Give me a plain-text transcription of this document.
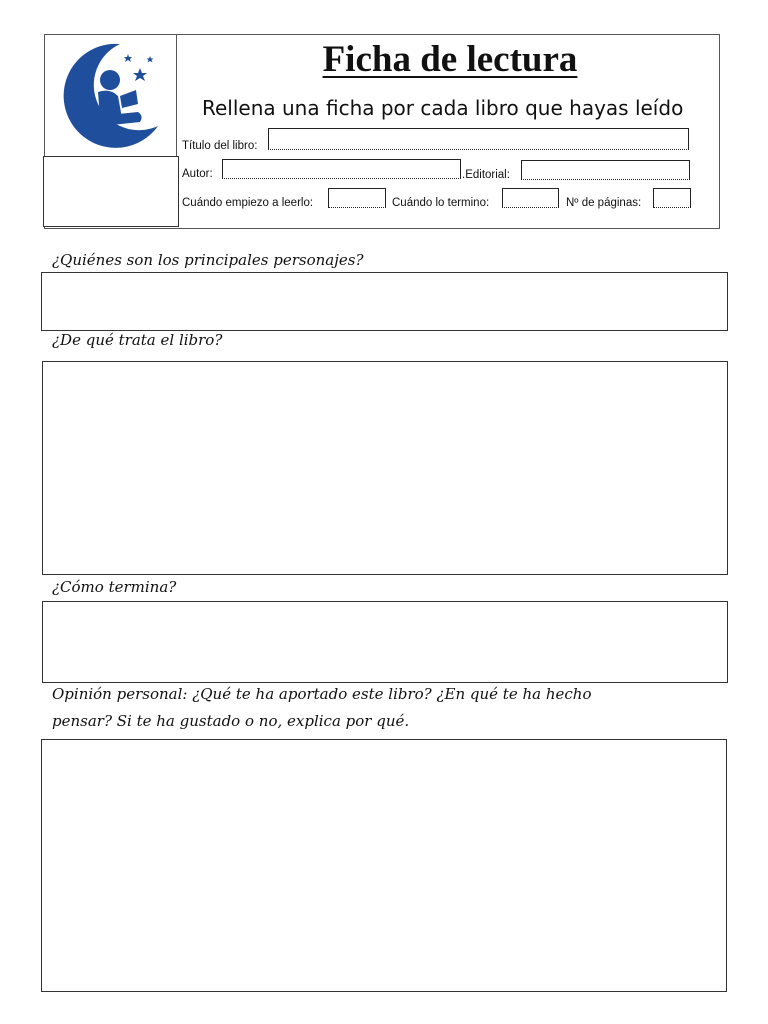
Ficha de lectura
Rellena una ficha por cada libro que hayas leído
Título del libro:
Autor:	.Editorial:
Cuándo empiezo a leerlo:	Cuándo lo termino:	Nº de páginas:
¿Quiénes son los principales personajes?
¿De qué trata el libro?
¿Cómo termina?
Opinión personal: ¿Qué te ha aportado este libro? ¿En qué te ha hecho
pensar? Si te ha gustado o no, explica por qué.
